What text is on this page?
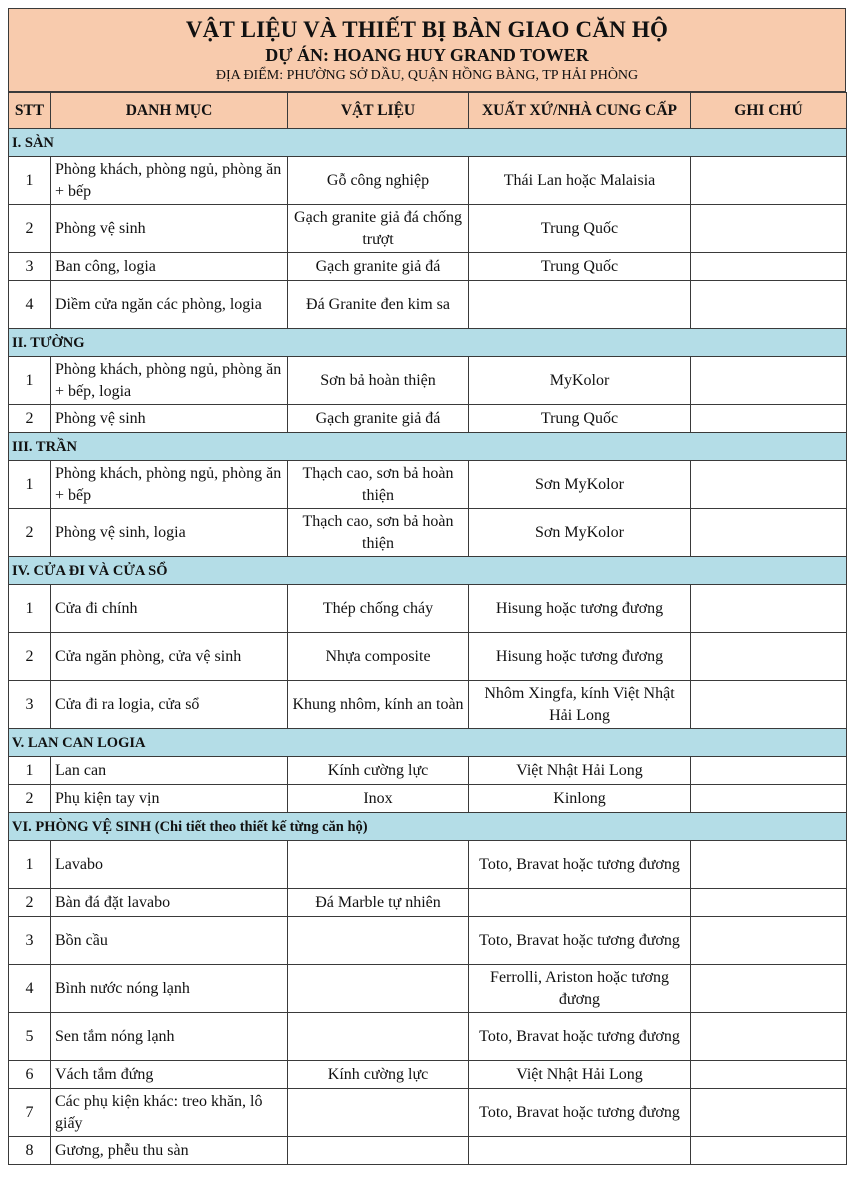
VẬT LIỆU VÀ THIẾT BỊ BÀN GIAO CĂN HỘ
DỰ ÁN: HOANG HUY GRAND TOWER
ĐỊA ĐIỂM: PHƯỜNG SỞ DẦU, QUẬN HỒNG BÀNG, TP HẢI PHÒNG
STT	DANH MỤC	VẬT LIỆU	XUẤT XỨ/NHÀ CUNG CẤP	GHI CHÚ
I. SÀN				
1	Phòng khách, phòng ngủ, phòng ăn + bếp	Gỗ công nghiệp	Thái Lan hoặc Malaisia	
2	Phòng vệ sinh	Gạch granite giả đá chống trượt	Trung Quốc	
3	Ban công, logia	Gạch granite giả đá	Trung Quốc	
4	Diềm cửa ngăn các phòng, logia	Đá Granite đen kim sa		
II. TƯỜNG				
1	Phòng khách, phòng ngủ, phòng ăn + bếp, logia	Sơn bả hoàn thiện	MyKolor	
2	Phòng vệ sinh	Gạch granite giả đá	Trung Quốc	
III. TRẦN				
1	Phòng khách, phòng ngủ, phòng ăn + bếp	Thạch cao, sơn bả hoàn thiện	Sơn MyKolor	
2	Phòng vệ sinh, logia	Thạch cao, sơn bả hoàn thiện	Sơn MyKolor	
IV. CỬA ĐI VÀ CỬA SỔ				
1	Cửa đi chính	Thép chống cháy	Hisung hoặc tương đương	
2	Cửa ngăn phòng, cửa vệ sinh	Nhựa composite	Hisung hoặc tương đương	
3	Cửa đi ra logia, cửa sổ	Khung nhôm, kính an toàn	Nhôm Xingfa, kính Việt Nhật Hải Long	
V. LAN CAN LOGIA				
1	Lan can	Kính cường lực	Việt Nhật Hải Long	
2	Phụ kiện tay vịn	Inox	Kinlong	
VI. PHÒNG VỆ SINH (Chi tiết theo thiết kế từng căn hộ)				
1	Lavabo		Toto, Bravat hoặc tương đương	
2	Bàn đá đặt lavabo	Đá Marble tự nhiên		
3	Bồn cầu		Toto, Bravat hoặc tương đương	
4	Bình nước nóng lạnh		Ferrolli, Ariston hoặc tương đương	
5	Sen tắm nóng lạnh		Toto, Bravat hoặc tương đương	
6	Vách tắm đứng	Kính cường lực	Việt Nhật Hải Long	
7	Các phụ kiện khác: treo khăn, lô giấy		Toto, Bravat hoặc tương đương	
8	Gương, phễu thu sàn			
